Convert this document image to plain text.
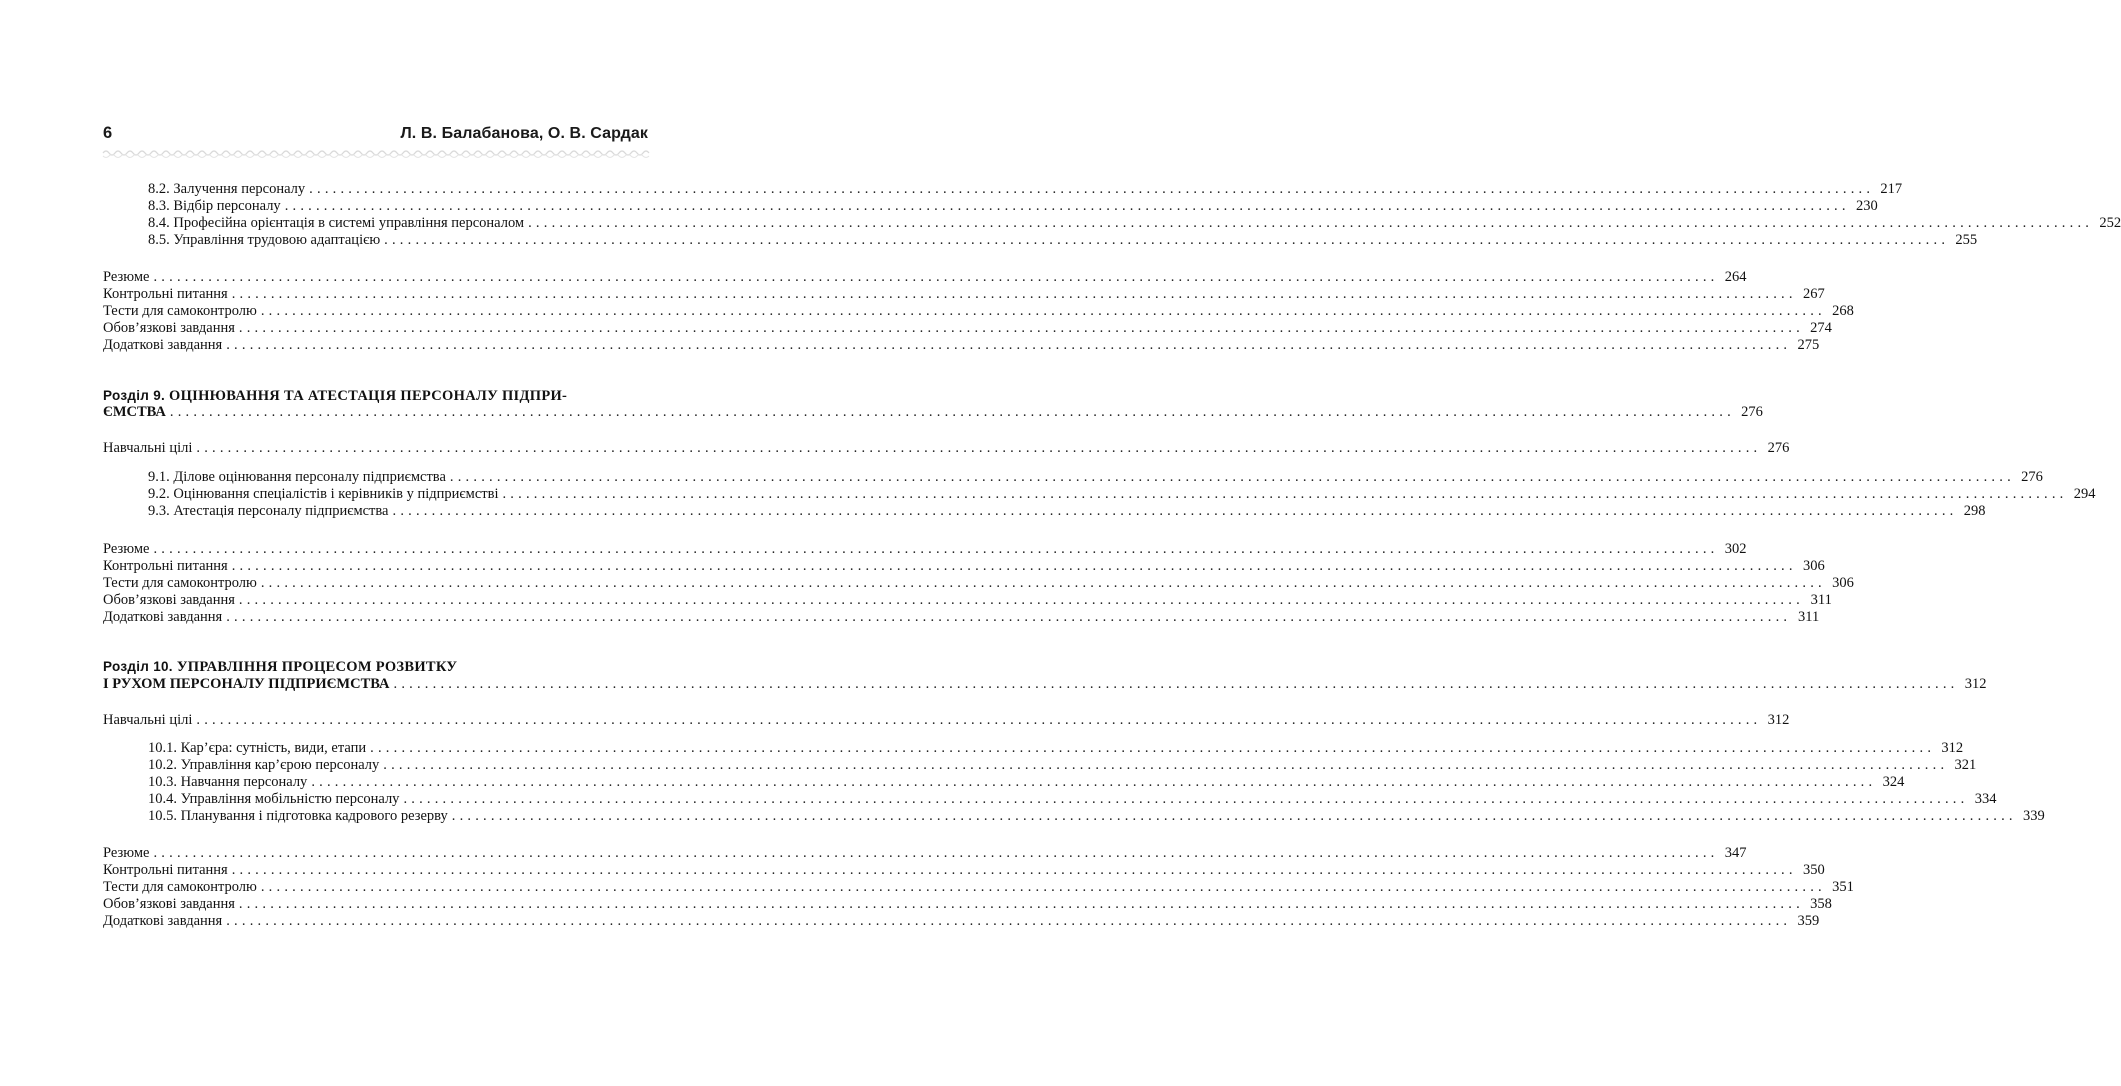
6	Л. В. Балабанова, О. В. Сардак
8.2. Залучення персоналу ........................................................................................................................................................................................................ 217
8.3. Відбір персоналу ........................................................................................................................................................................................................ 230
8.4. Професійна орієнтація в системі управління персоналом ........................................................................................................................................................................................................ 252
8.5. Управління трудовою адаптацією ........................................................................................................................................................................................................ 255
Резюме ........................................................................................................................................................................................................ 264
Контрольні питання ........................................................................................................................................................................................................ 267
Тести для самоконтролю ........................................................................................................................................................................................................ 268
Обов’язкові завдання ........................................................................................................................................................................................................ 274
Додаткові завдання ........................................................................................................................................................................................................ 275
Розділ 9. ОЦІНЮВАННЯ ТА АТЕСТАЦІЯ ПЕРСОНАЛУ ПІДПРИ-
ЄМСТВА ........................................................................................................................................................................................................ 276
Навчальні цілі ........................................................................................................................................................................................................ 276
9.1. Ділове оцінювання персоналу підприємства ........................................................................................................................................................................................................ 276
9.2. Оцінювання спеціалістів і керівників у підприємстві ........................................................................................................................................................................................................ 294
9.3. Атестація персоналу підприємства ........................................................................................................................................................................................................ 298
Резюме ........................................................................................................................................................................................................ 302
Контрольні питання ........................................................................................................................................................................................................ 306
Тести для самоконтролю ........................................................................................................................................................................................................ 306
Обов’язкові завдання ........................................................................................................................................................................................................ 311
Додаткові завдання ........................................................................................................................................................................................................ 311
Розділ 10. УПРАВЛІННЯ ПРОЦЕСОМ РОЗВИТКУ
І РУХОМ ПЕРСОНАЛУ ПІДПРИЄМСТВА ........................................................................................................................................................................................................ 312
Навчальні цілі ........................................................................................................................................................................................................ 312
10.1. Кар’єра: сутність, види, етапи ........................................................................................................................................................................................................ 312
10.2. Управління кар’єрою персоналу ........................................................................................................................................................................................................ 321
10.3. Навчання персоналу ........................................................................................................................................................................................................ 324
10.4. Управління мобільністю персоналу ........................................................................................................................................................................................................ 334
10.5. Планування і підготовка кадрового резерву ........................................................................................................................................................................................................ 339
Резюме ........................................................................................................................................................................................................ 347
Контрольні питання ........................................................................................................................................................................................................ 350
Тести для самоконтролю ........................................................................................................................................................................................................ 351
Обов’язкові завдання ........................................................................................................................................................................................................ 358
Додаткові завдання ........................................................................................................................................................................................................ 359
